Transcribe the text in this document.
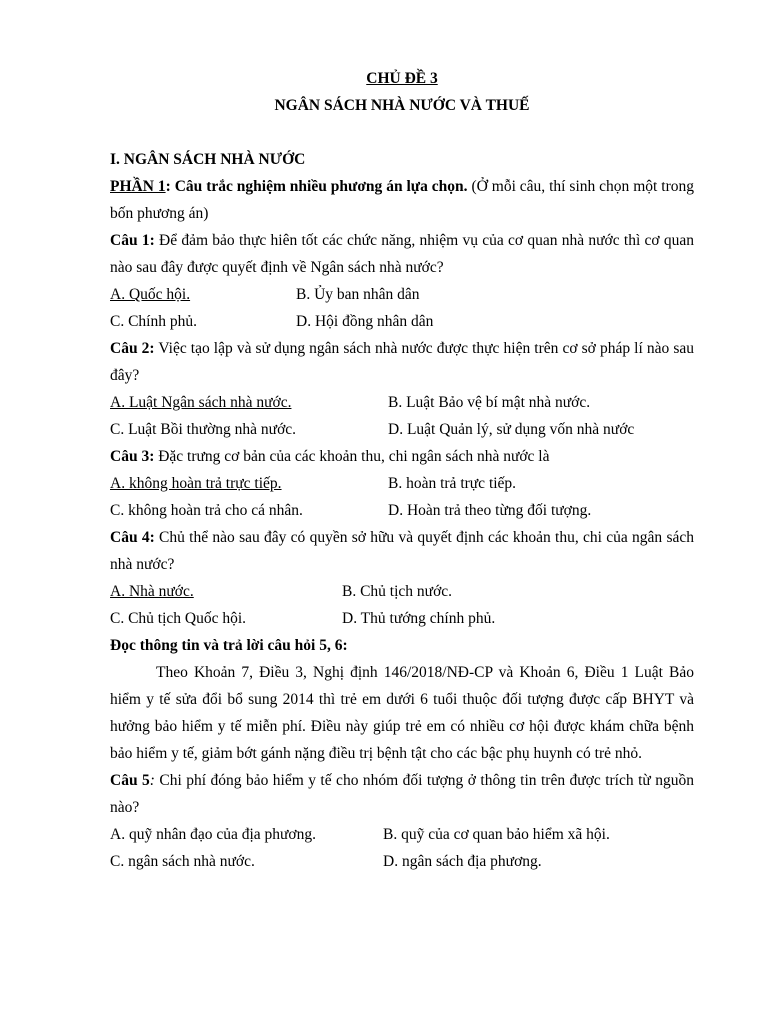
CHỦ ĐỀ 3
NGÂN SÁCH NHÀ NƯỚC VÀ THUẾ
I. NGÂN SÁCH NHÀ NƯỚC
PHẦN 1: Câu trắc nghiệm nhiều phương án lựa chọn. (Ở mỗi câu, thí sinh chọn một trong bốn phương án)
Câu 1: Để đảm bảo thực hiên tốt các chức năng, nhiệm vụ của cơ quan nhà nước thì cơ quan nào sau đây được quyết định về Ngân sách nhà nước?
A. Quốc hội.	B. Ủy ban nhân dân
C. Chính phủ.	D. Hội đồng nhân dân
Câu 2: Việc tạo lập và sử dụng ngân sách nhà nước được thực hiện trên cơ sở pháp lí nào sau đây?
A. Luật Ngân sách nhà nước.	B. Luật Bảo vệ bí mật nhà nước.
C. Luật Bồi thường nhà nước.	D. Luật Quản lý, sử dụng vốn nhà nước
Câu 3: Đặc trưng cơ bản của các khoản thu, chi ngân sách nhà nước là
A. không hoàn trả trực tiếp.	B. hoàn trả trực tiếp.
C. không hoàn trả cho cá nhân.	D. Hoàn trả theo từng đối tượng.
Câu 4: Chủ thể nào sau đây có quyền sở hữu và quyết định các khoản thu, chi của ngân sách nhà nước?
A. Nhà nước.	B. Chủ tịch nước.
C. Chủ tịch Quốc hội.	D. Thủ tướng chính phủ.
Đọc thông tin và trả lời câu hỏi 5, 6:
Theo Khoản 7, Điều 3, Nghị định 146/2018/NĐ-CP và Khoản 6, Điều 1 Luật Bảo hiểm y tế sửa đổi bổ sung 2014 thì trẻ em dưới 6 tuổi thuộc đối tượng được cấp BHYT và hưởng bảo hiểm y tế miễn phí. Điều này giúp trẻ em có nhiều cơ hội được khám chữa bệnh bảo hiểm y tế, giảm bớt gánh nặng điều trị bệnh tật cho các bậc phụ huynh có trẻ nhỏ.
Câu 5: Chi phí đóng bảo hiểm y tế cho nhóm đối tượng ở thông tin trên được trích từ nguồn nào?
A. quỹ nhân đạo của địa phương.	B. quỹ của cơ quan bảo hiểm xã hội.
C. ngân sách nhà nước.	D. ngân sách địa phương.
